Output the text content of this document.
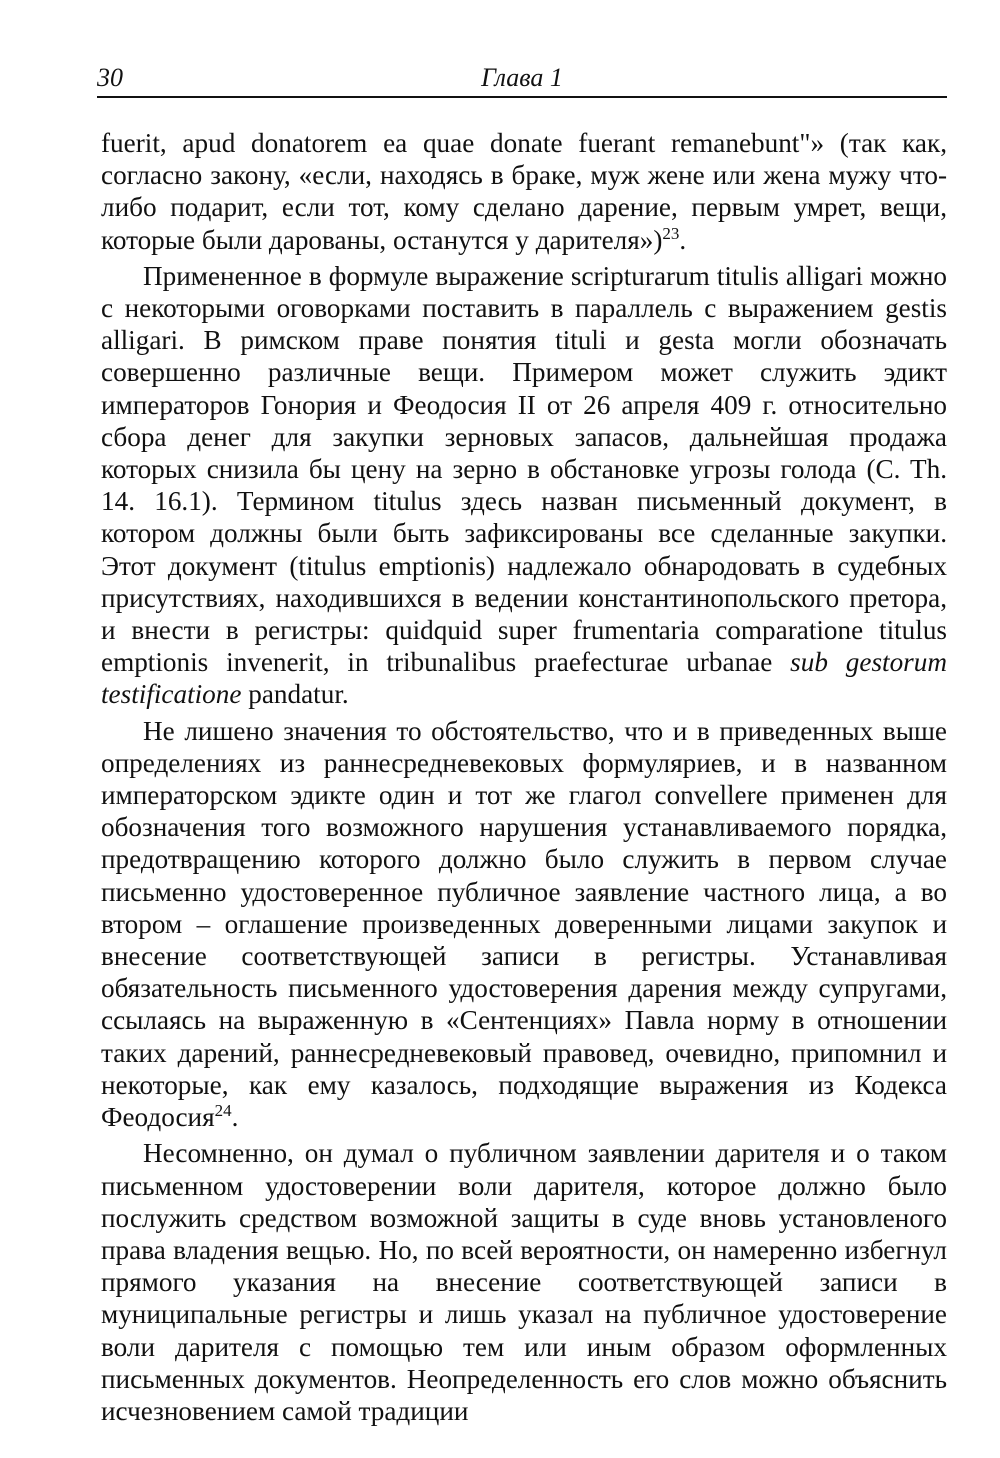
30	Глава 1

fuerit, apud donatorem ea quae donate fuerant remanebunt"» (так как, согласно закону, «если, находясь в браке, муж жене или жена мужу что-либо подарит, если тот, кому сделано дарение, первым умрет, вещи, которые были дарованы, останутся у дарителя»)$^{23}$.

Примененное в формуле выражение scripturarum titulis alligari можно с некоторыми оговорками поставить в параллель с выражением gestis alligari. В римском праве понятия tituli и gesta могли обозначать совершенно различные вещи. Примером может служить эдикт императоров Гонория и Феодосия II от 26 апреля 409 г. относительно сбора денег для закупки зерновых запасов, дальнейшая продажа которых снизила бы цену на зерно в обстановке угрозы голода (C. Th. 14. 16.1). Термином titulus здесь назван письменный документ, в котором должны были быть зафиксированы все сделанные закупки. Этот документ (titulus emptionis) надлежало обнародовать в судебных присутствиях, находившихся в ведении константинопольского претора, и внести в регистры: quidquid super frumentaria comparatione titulus emptionis invenerit, in tribunalibus praefecturae urbanae sub gestorum testificatione pandatur.

Не лишено значения то обстоятельство, что и в приведенных выше определениях из раннесредневековых формуляриев, и в названном императорском эдикте один и тот же глагол convellere применен для обозначения того возможного нарушения устанавливаемого порядка, предотвращению которого должно было служить в первом случае письменно удостоверенное публичное заявление частного лица, а во втором – оглашение произведенных доверенными лицами закупок и внесение соответствующей записи в регистры. Устанавливая обязательность письменного удостоверения дарения между супругами, ссылаясь на выраженную в «Сентенциях» Павла норму в отношении таких дарений, раннесредневековый правовед, очевидно, припомнил и некоторые, как ему казалось, подходящие выражения из Кодекса Феодосия$^{24}$.

Несомненно, он думал о публичном заявлении дарителя и о таком письменном удостоверении воли дарителя, которое должно было послужить средством возможной защиты в суде вновь установленого права владения вещью. Но, по всей вероятности, он намеренно избегнул прямого указания на внесение соответствующей записи в муниципальные регистры и лишь указал на публичное удостоверение воли дарителя с помощью тем или иным образом оформленных письменных документов. Неопределенность его слов можно объяснить исчезновением самой традиции
